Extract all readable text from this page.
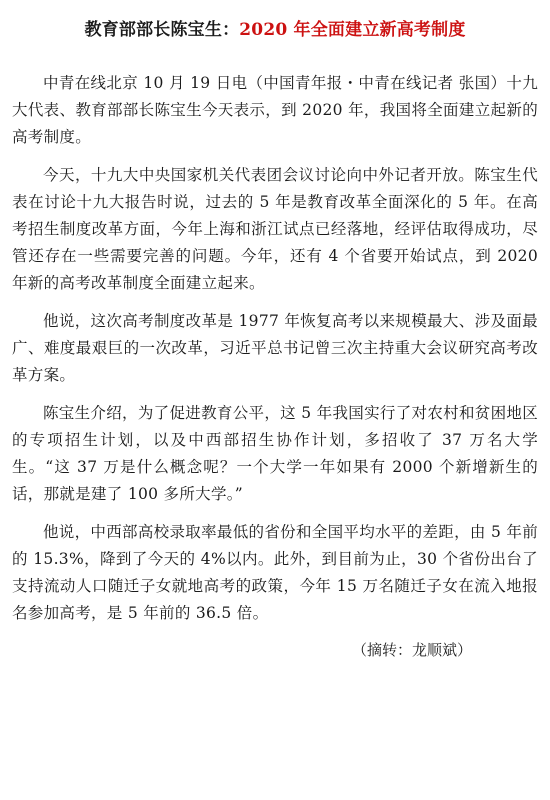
教育部部长陈宝生：2020 年全面建立新高考制度

中青在线北京 10 月 19 日电（中国青年报・中青在线记者 张国）十九大代表、教育部部长陈宝生今天表示，到 2020 年，我国将全面建立起新的高考制度。

今天，十九大中央国家机关代表团会议讨论向中外记者开放。陈宝生代表在讨论十九大报告时说，过去的 5 年是教育改革全面深化的 5 年。在高考招生制度改革方面，今年上海和浙江试点已经落地，经评估取得成功，尽管还存在一些需要完善的问题。今年，还有 4 个省要开始试点，到 2020 年新的高考改革制度全面建立起来。

他说，这次高考制度改革是 1977 年恢复高考以来规模最大、涉及面最广、难度最艰巨的一次改革，习近平总书记曾三次主持重大会议研究高考改革方案。

陈宝生介绍，为了促进教育公平，这 5 年我国实行了对农村和贫困地区的专项招生计划，以及中西部招生协作计划，多招收了 37 万名大学生。“这 37 万是什么概念呢？一个大学一年如果有 2000 个新增新生的话，那就是建了 100 多所大学。”

他说，中西部高校录取率最低的省份和全国平均水平的差距，由 5 年前的 15.3%，降到了今天的 4%以内。此外，到目前为止，30 个省份出台了支持流动人口随迁子女就地高考的政策，今年 15 万名随迁子女在流入地报名参加高考，是 5 年前的 36.5 倍。

（摘转：龙顺斌）
